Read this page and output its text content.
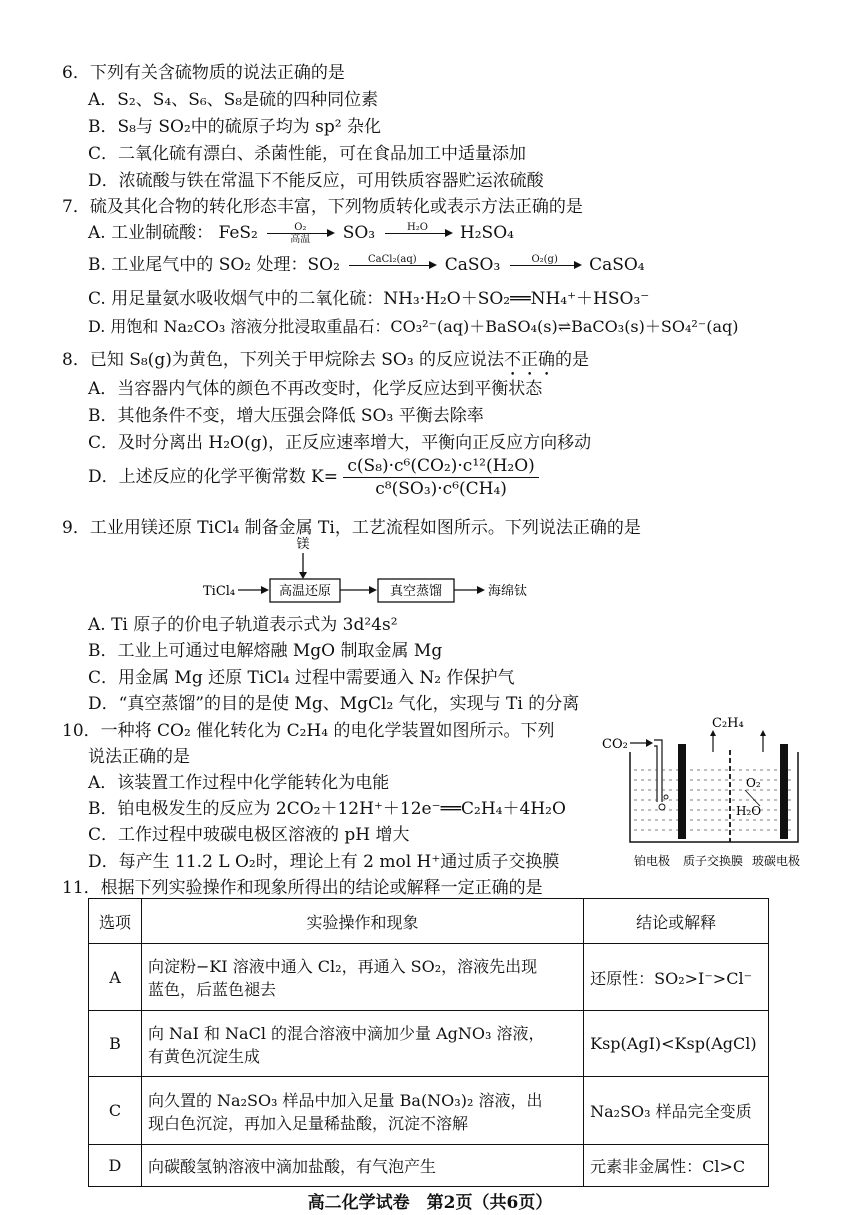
6．下列有关含硫物质的说法正确的是
A．S₂、S₄、S₆、S₈是硫的四种同位素
B．S₈与 SO₂中的硫原子均为 sp² 杂化
C．二氧化硫有漂白、杀菌性能，可在食品加工中适量添加
D．浓硫酸与铁在常温下不能反应，可用铁质容器贮运浓硫酸
7．硫及其化合物的转化形态丰富，下列物质转化或表示方法正确的是
A. 工业制硫酸： FeS₂	O₂
高温	SO₃	H₂O
	H₂SO₄
B. 工业尾气中的 SO₂ 处理：SO₂	CaCl₂(aq)
	CaSO₃	O₂(g)
	CaSO₄
C. 用足量氨水吸收烟气中的二氧化硫：NH₃·H₂O＋SO₂══NH₄⁺＋HSO₃⁻
D. 用饱和 Na₂CO₃ 溶液分批浸取重晶石：CO₃²⁻(aq)＋BaSO₄(s)⇌BaCO₃(s)＋SO₄²⁻(aq)
8．已知 S₈(g)为黄色，下列关于甲烷除去 SO₃ 的反应说法不正确的是
A．当容器内气体的颜色不再改变时，化学反应达到平衡状态
B．其他条件不变，增大压强会降低 SO₃ 平衡去除率
C．及时分离出 H₂O(g)，正反应速率增大，平衡向正反应方向移动
D．上述反应的化学平衡常数 $K= \frac{\text{c(S₈)·c⁶(CO₂)·c¹²(H₂O)}}{\text{c⁸(SO₃)·c⁶(CH₄)}}$
9．工业用镁还原 TiCl₄ 制备金属 Ti，工艺流程如图所示。下列说法正确的是
镁
TiCl₄	高温还原	真空蒸馏	海绵钛
A. Ti 原子的价电子轨道表示式为 3d²4s²
B．工业上可通过电解熔融 MgO 制取金属 Mg
C．用金属 Mg 还原 TiCl₄ 过程中需要通入 N₂ 作保护气
D．“真空蒸馏”的目的是使 Mg、MgCl₂ 气化，实现与 Ti 的分离
10．一种将 CO₂ 催化转化为 C₂H₄ 的电化学装置如图所示。下列
说法正确的是
A．该装置工作过程中化学能转化为电能
B．铂电极发生的反应为 2CO₂＋12H⁺＋12e⁻══C₂H₄＋4H₂O
C．工作过程中玻碳电极区溶液的 pH 增大
D．每产生 11.2 L O₂时，理论上有 2 mol H⁺通过质子交换膜
C₂H₄
CO₂
O₂
H₂O
铂电极 质子交换膜 玻碳电极
11．根据下列实验操作和现象所得出的结论或解释一定正确的是
选项	实验操作和现象	结论或解释
A	向淀粉−KI 溶液中通入 Cl₂，再通入 SO₂，溶液先出现
蓝色，后蓝色褪去	还原性：SO₂>I⁻>Cl⁻
B	向 NaI 和 NaCl 的混合溶液中滴加少量 AgNO₃ 溶液，
有黄色沉淀生成	Ksp(AgI)<Ksp(AgCl)
C	向久置的 Na₂SO₃ 样品中加入足量 Ba(NO₃)₂ 溶液，出
现白色沉淀，再加入足量稀盐酸，沉淀不溶解	Na₂SO₃ 样品完全变质
D	向碳酸氢钠溶液中滴加盐酸，有气泡产生	元素非金属性：Cl>C
高二化学试卷　第2页（共6页）
